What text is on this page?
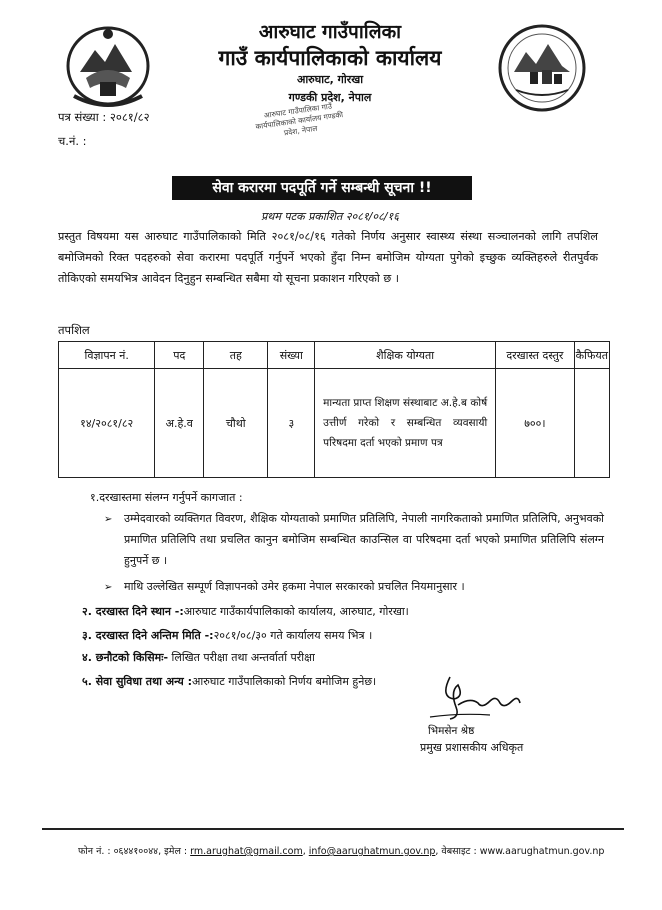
आरुघाट गाउँपालिका
गाउँ कार्यपालिकाको कार्यालय
आरुघाट, गोरखा
गण्डकी प्रदेश, नेपाल
आरुघाट गाउँपालिका गाउँ कार्यपालिकाको कार्यालय गण्डकी प्रदेश, नेपाल
पत्र संख्या : २०८१/८२
च.नं. :
सेवा करारमा पदपूर्ति गर्ने सम्बन्धी सूचना !!
प्रथम पटक प्रकाशित २०८१/०८/१६
प्रस्तुत विषयमा यस आरुघाट गाउँपालिकाको मिति २०८१/०८/१६ गतेको निर्णय अनुसार स्वास्थ्य संस्था सञ्चालनको लागि तपशिल बमोजिमको रिक्त पदहरुको सेवा करारमा पदपूर्ति गर्नुपर्ने भएको हुँदा निम्न बमोजिम योग्यता पुगेको इच्छुक व्यक्तिहरुले रीतपुर्वक तोकिएको समयभित्र आवेदन दिनुहुन सम्बन्धित सबैमा यो सूचना प्रकाशन गरिएको छ ।
तपशिल
विज्ञापन नं.	पद	तह	संख्या	शैक्षिक योग्यता	दरखास्त दस्तुर	कैफियत
१४/२०८१/८२	अ.हे.व	चौथो	३	मान्यता प्राप्त शिक्षण संस्थाबाट अ.हे.ब कोर्ष उत्तीर्ण गरेको र सम्बन्धित व्यवसायी परिषदमा दर्ता भएको प्रमाण पत्र	७००।	
१.दरखास्तमा संलग्न गर्नुपर्ने कागजात :
➢ उम्मेदवारको व्यक्तिगत विवरण, शैक्षिक योग्यताको प्रमाणित प्रतिलिपि, नेपाली नागरिकताको प्रमाणित प्रतिलिपि, अनुभवको प्रमाणित प्रतिलिपि तथा प्रचलित कानुन बमोजिम सम्बन्धित काउन्सिल वा परिषदमा दर्ता भएको प्रमाणित प्रतिलिपि संलग्न हुनुपर्ने छ ।
➢ माथि उल्लेखित सम्पूर्ण विज्ञापनको उमेर हकमा नेपाल सरकारको प्रचलित नियमानुसार ।
२. दरखास्त दिने स्थान -:आरुघाट गाउँकार्यपालिकाको कार्यालय, आरुघाट, गोरखा।
३. दरखास्त दिने अन्तिम मिति -:२०८१/०८/३० गते कार्यालय समय भित्र ।
४. छनौटको किसिमः- लिखित परीक्षा तथा अन्तर्वार्ता परीक्षा
५. सेवा सुविधा तथा अन्य :आरुघाट गाउँपालिकाको निर्णय बमोजिम हुनेछ।
भिमसेन श्रेष्ठ
प्रमुख प्रशासकीय अधिकृत
फोन नं. : ०६४४१००४४, इमेल : rm.arughat@gmail.com, info@aarughatmun.gov.np, वेबसाइट : www.aarughatmun.gov.np
